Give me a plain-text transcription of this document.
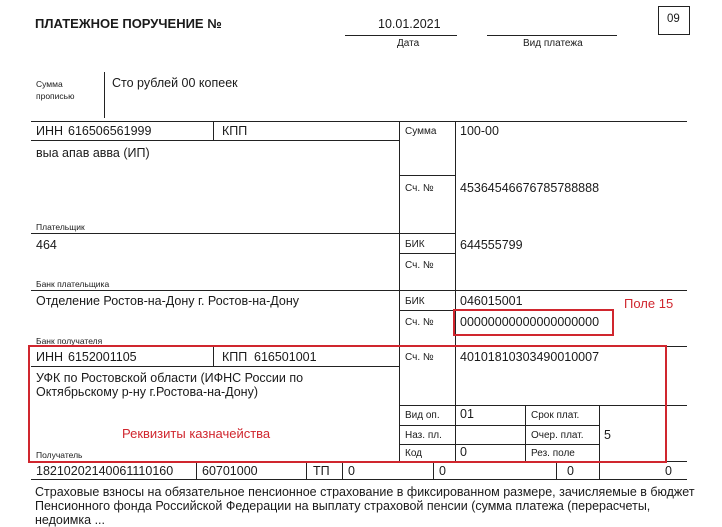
ПЛАТЕЖНОЕ ПОРУЧЕНИЕ №	10.01.2021
Дата	Вид платежа
09
Сумма
прописью
Сто рублей 00 копеек
ИНН 616506561999	КПП
выа апав авва (ИП)
Плательщик
Сумма 100-00
Сч. № 45364546676785788888
464
Банк плательщика
БИК	644555799
Сч. №
Отделение Ростов-на-Дону г. Ростов-на-Дону
Банк получателя
БИК	046015001
Сч. № 00000000000000000000
ИНН 6152001105	КПП 616501001
УФК по Ростовской области (ИФНС России по
Октябрьскому р-ну г.Ростова-на-Дону)
Получатель
Сч. № 40101810303490010007
Вид оп. 01
Наз. пл.
Код	0
Срок плат.
Очер. плат. 5
Рез. поле
18210202140061110160 60701000	ТП 0	0	0	0
Страховые взносы на обязательное пенсионное страхование в фиксированном размере, зачисляемые в бюджет Пенсионного фонда Российской Федерации на выплату страховой пенсии (сумма платежа (перерасчеты, недоимка ...
Поле 15
Реквизиты казначейства
